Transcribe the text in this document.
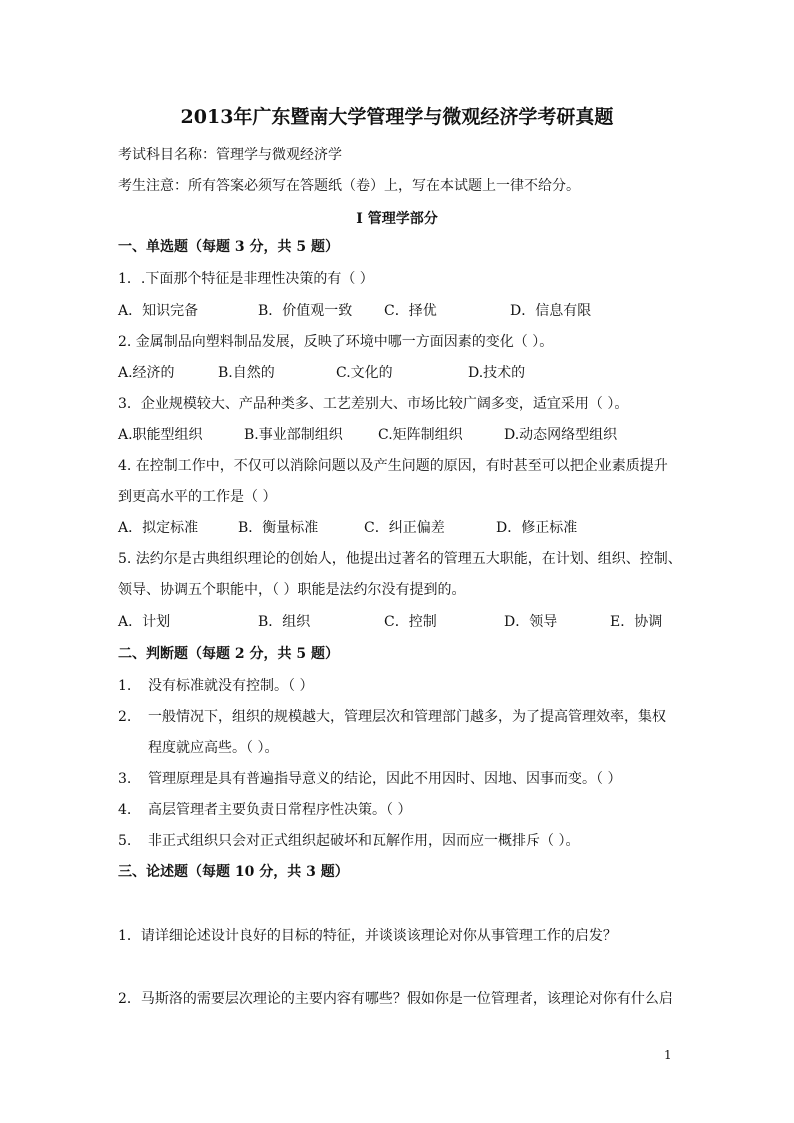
2013年广东暨南大学管理学与微观经济学考研真题
考试科目名称：管理学与微观经济学
考生注意：所有答案必须写在答题纸（卷）上，写在本试题上一律不给分。
I 管理学部分
一、单选题（每题 3 分，共 5 题）
1．.下面那个特征是非理性决策的有（ ）
A．知识完备	B．价值观一致 C．择优	D．信息有限
2. 金属制品向塑料制品发展，反映了环境中哪一方面因素的变化（ ）。
A.经济的	B.自然的	C.文化的	D.技术的
3．企业规模较大、产品种类多、工艺差别大、市场比较广阔多变，适宜采用（ ）。
A.职能型组织	B.事业部制组织	C.矩阵制组织	D.动态网络型组织
4. 在控制工作中，不仅可以消除问题以及产生问题的原因，有时甚至可以把企业素质提升
到更高水平的工作是（ ）
A．拟定标准	B．衡量标准	C．纠正偏差	D．修正标准
5. 法约尔是古典组织理论的创始人，他提出过著名的管理五大职能，在计划、组织、控制、
领导、协调五个职能中，（ ）职能是法约尔没有提到的。
A．计划	B．组织	C．控制	D．领导	E．协调
二、判断题（每题 2 分，共 5 题）
1. 没有标准就没有控制。（ ）
2. 一般情况下，组织的规模越大，管理层次和管理部门越多，为了提高管理效率，集权
程度就应高些。（ ）。
3. 管理原理是具有普遍指导意义的结论，因此不用因时、因地、因事而变。（ ）
4. 高层管理者主要负责日常程序性决策。（ ）
5. 非正式组织只会对正式组织起破坏和瓦解作用，因而应一概排斥（ ）。
三、论述题（每题 10 分，共 3 题）
1．请详细论述设计良好的目标的特征，并谈谈该理论对你从事管理工作的启发？
2．马斯洛的需要层次理论的主要内容有哪些？假如你是一位管理者，该理论对你有什么启
1
